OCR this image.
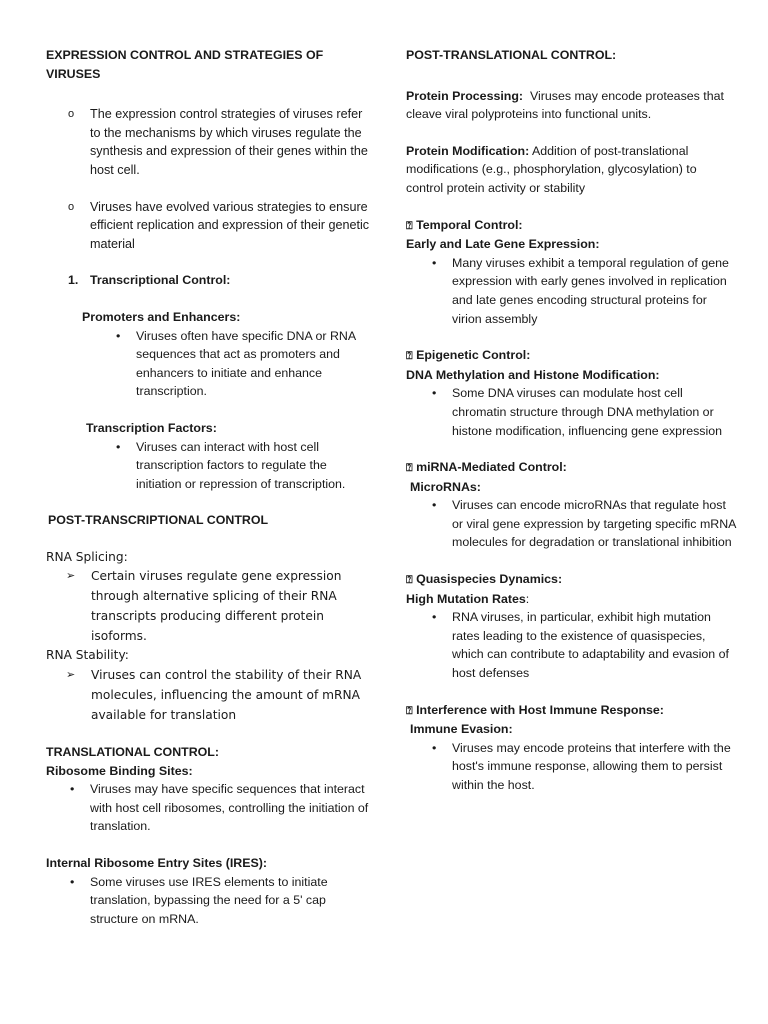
EXPRESSION CONTROL AND STRATEGIES OF VIRUSES

o The expression control strategies of viruses refer to the mechanisms by which viruses regulate the synthesis and expression of their genes within the host cell.

o Viruses have evolved various strategies to ensure efficient replication and expression of their genetic material

1. Transcriptional Control:

Promoters and Enhancers:

• Viruses often have specific DNA or RNA sequences that act as promoters and enhancers to initiate and enhance transcription.

Transcription Factors:

• Viruses can interact with host cell transcription factors to regulate the initiation or repression of transcription.

POST-TRANSCRIPTIONAL CONTROL

RNA Splicing:

➢ Certain viruses regulate gene expression through alternative splicing of their RNA transcripts producing different protein isoforms.

RNA Stability:

➢ Viruses can control the stability of their RNA molecules, influencing the amount of mRNA available for translation

TRANSLATIONAL CONTROL:

Ribosome Binding Sites:

• Viruses may have specific sequences that interact with host cell ribosomes, controlling the initiation of translation.

Internal Ribosome Entry Sites (IRES):

• Some viruses use IRES elements to initiate translation, bypassing the need for a 5' cap structure on mRNA.

POST-TRANSLATIONAL CONTROL:

Protein Processing: Viruses may encode proteases that cleave viral polyproteins into functional units.

Protein Modification: Addition of post-translational modifications (e.g., phosphorylation, glycosylation) to control protein activity or stability

⍰ Temporal Control:

Early and Late Gene Expression:

• Many viruses exhibit a temporal regulation of gene expression with early genes involved in replication and late genes encoding structural proteins for virion assembly

⍰ Epigenetic Control:

DNA Methylation and Histone Modification:

• Some DNA viruses can modulate host cell chromatin structure through DNA methylation or histone modification, influencing gene expression

⍰ miRNA-Mediated Control:

MicroRNAs:

• Viruses can encode microRNAs that regulate host or viral gene expression by targeting specific mRNA molecules for degradation or translational inhibition

⍰ Quasispecies Dynamics:

High Mutation Rates:

• RNA viruses, in particular, exhibit high mutation rates leading to the existence of quasispecies, which can contribute to adaptability and evasion of host defenses

⍰ Interference with Host Immune Response:

Immune Evasion:

• Viruses may encode proteins that interfere with the host's immune response, allowing them to persist within the host.
